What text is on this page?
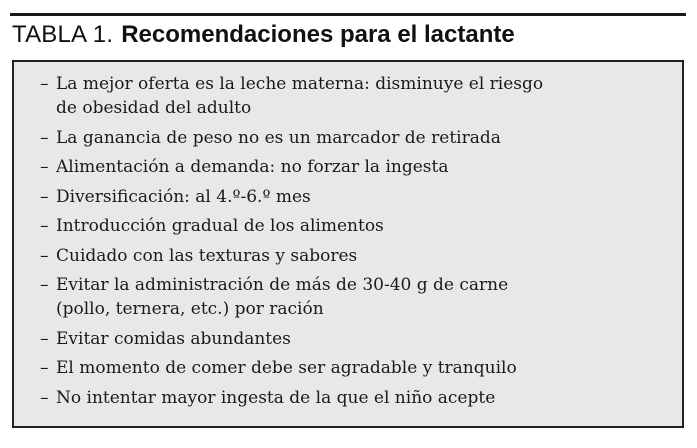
TABLA 1. Recomendaciones para el lactante
– La mejor oferta es la leche materna: disminuye el riesgo
de obesidad del adulto
– La ganancia de peso no es un marcador de retirada
– Alimentación a demanda: no forzar la ingesta
– Diversificación: al 4.º-6.º mes
– Introducción gradual de los alimentos
– Cuidado con las texturas y sabores
– Evitar la administración de más de 30-40 g de carne
(pollo, ternera, etc.) por ración
– Evitar comidas abundantes
– El momento de comer debe ser agradable y tranquilo
– No intentar mayor ingesta de la que el niño acepte
